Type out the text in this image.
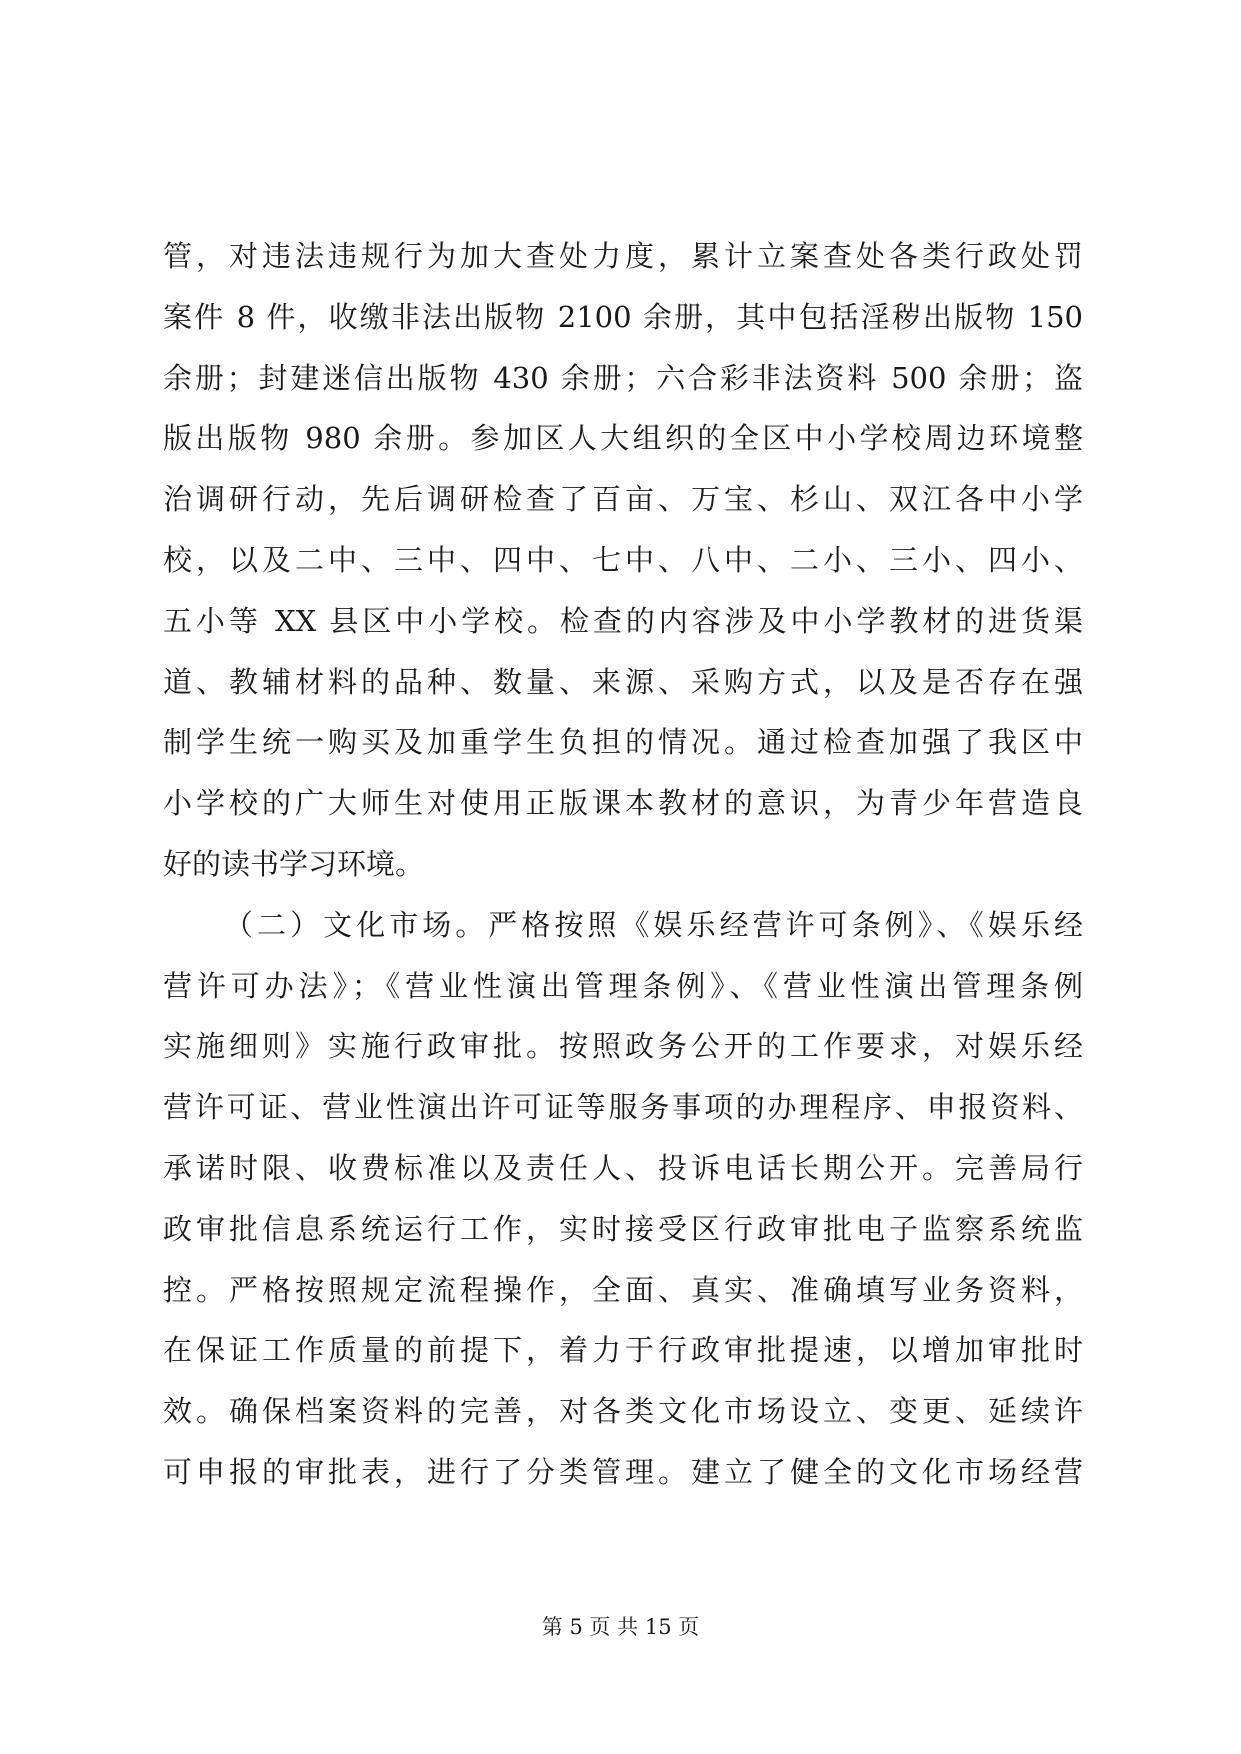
管，对违法违规行为加大查处力度，累计立案查处各类行政处罚
案件 8 件，收缴非法出版物 2100 余册，其中包括淫秽出版物 150
余册；封建迷信出版物 430 余册；六合彩非法资料 500 余册；盗
版出版物 980 余册。参加区人大组织的全区中小学校周边环境整
治调研行动，先后调研检查了百亩、万宝、杉山、双江各中小学
校，以及二中、三中、四中、七中、八中、二小、三小、四小、
五小等 XX 县区中小学校。检查的内容涉及中小学教材的进货渠
道、教辅材料的品种、数量、来源、采购方式，以及是否存在强
制学生统一购买及加重学生负担的情况。通过检查加强了我区中
小学校的广大师生对使用正版课本教材的意识，为青少年营造良
好的读书学习环境。
（二）文化市场。严格按照《娱乐经营许可条例》、《娱乐经
营许可办法》；《营业性演出管理条例》、《营业性演出管理条例
实施细则》实施行政审批。按照政务公开的工作要求，对娱乐经
营许可证、营业性演出许可证等服务事项的办理程序、申报资料、
承诺时限、收费标准以及责任人、投诉电话长期公开。完善局行
政审批信息系统运行工作，实时接受区行政审批电子监察系统监
控。严格按照规定流程操作，全面、真实、准确填写业务资料，
在保证工作质量的前提下，着力于行政审批提速，以增加审批时
效。确保档案资料的完善，对各类文化市场设立、变更、延续许
可申报的审批表，进行了分类管理。建立了健全的文化市场经营
第 5 页 共 15 页
